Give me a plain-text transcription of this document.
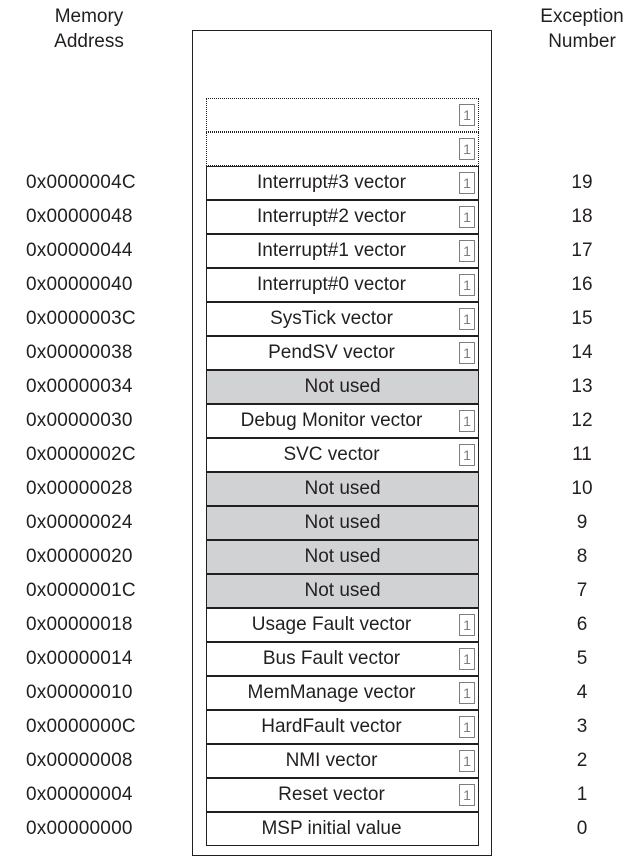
Memory
Address
Exception
Number
1
1
0x0000004C	Interrupt#3 vector	1	19
0x00000048	Interrupt#2 vector	1	18
0x00000044	Interrupt#1 vector	1	17
0x00000040	Interrupt#0 vector	1	16
0x0000003C	SysTick vector	1	15
0x00000038	PendSV vector	1	14
0x00000034	Not used	13
0x00000030	Debug Monitor vector	1	12
0x0000002C	SVC vector	1	11
0x00000028	Not used	10
0x00000024	Not used	9
0x00000020	Not used	8
0x0000001C	Not used	7
0x00000018	Usage Fault vector	1	6
0x00000014	Bus Fault vector	1	5
0x00000010	MemManage vector	1	4
0x0000000C	HardFault vector	1	3
0x00000008	NMI vector	1	2
0x00000004	Reset vector	1	1
0x00000000	MSP initial value	0
